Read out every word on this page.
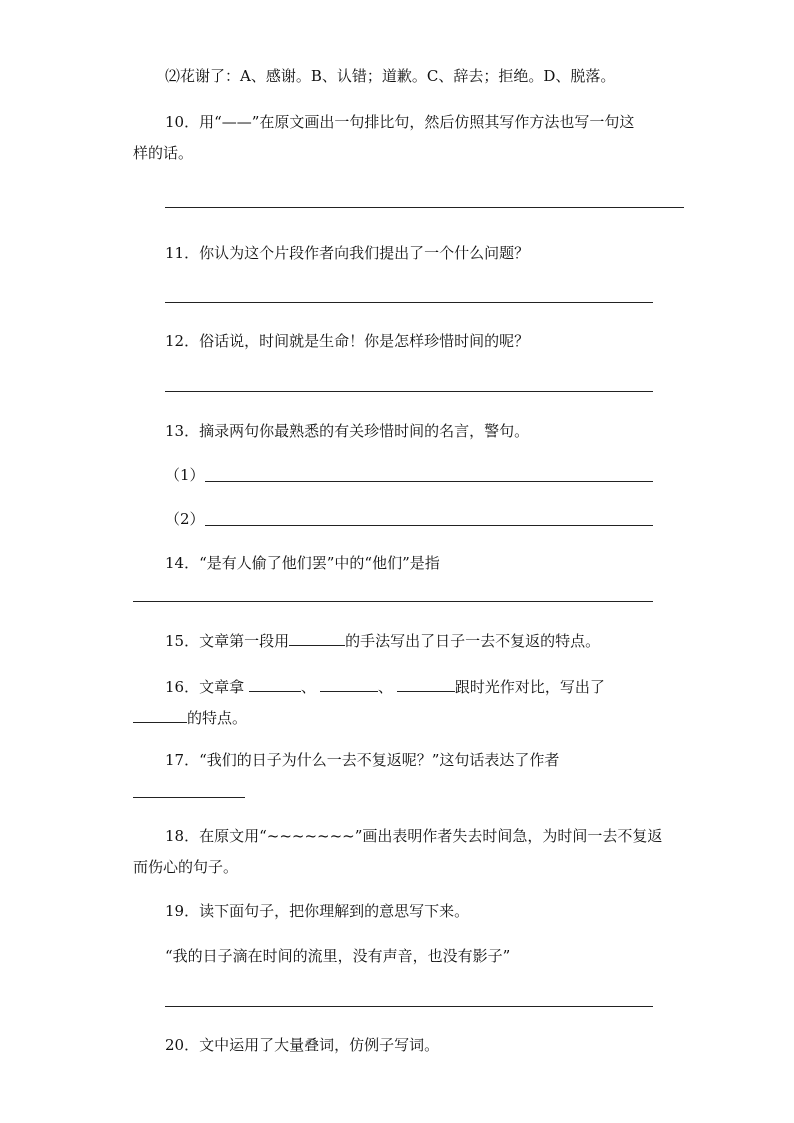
⑵花谢了：A、感谢。B、认错；道歉。C、辞去；拒绝。D、脱落。
10．用“——”在原文画出一句排比句，然后仿照其写作方法也写一句这
样的话。
11．你认为这个片段作者向我们提出了一个什么问题？
12．俗话说，时间就是生命！你是怎样珍惜时间的呢？
13．摘录两句你最熟悉的有关珍惜时间的名言，警句。
（1）
（2）
14．“是有人偷了他们罢”中的“他们”是指
15．文章第一段用	的手法写出了日子一去不复返的特点。
16．文章拿	、	、	跟时光作对比，写出了
的特点。
17．“我们的日子为什么一去不复返呢？”这句话表达了作者
18．在原文用“~~~~~~~”画出表明作者失去时间急，为时间一去不复返
而伤心的句子。
19．读下面句子，把你理解到的意思写下来。
“我的日子滴在时间的流里，没有声音，也没有影子”
20．文中运用了大量叠词，仿例子写词。
